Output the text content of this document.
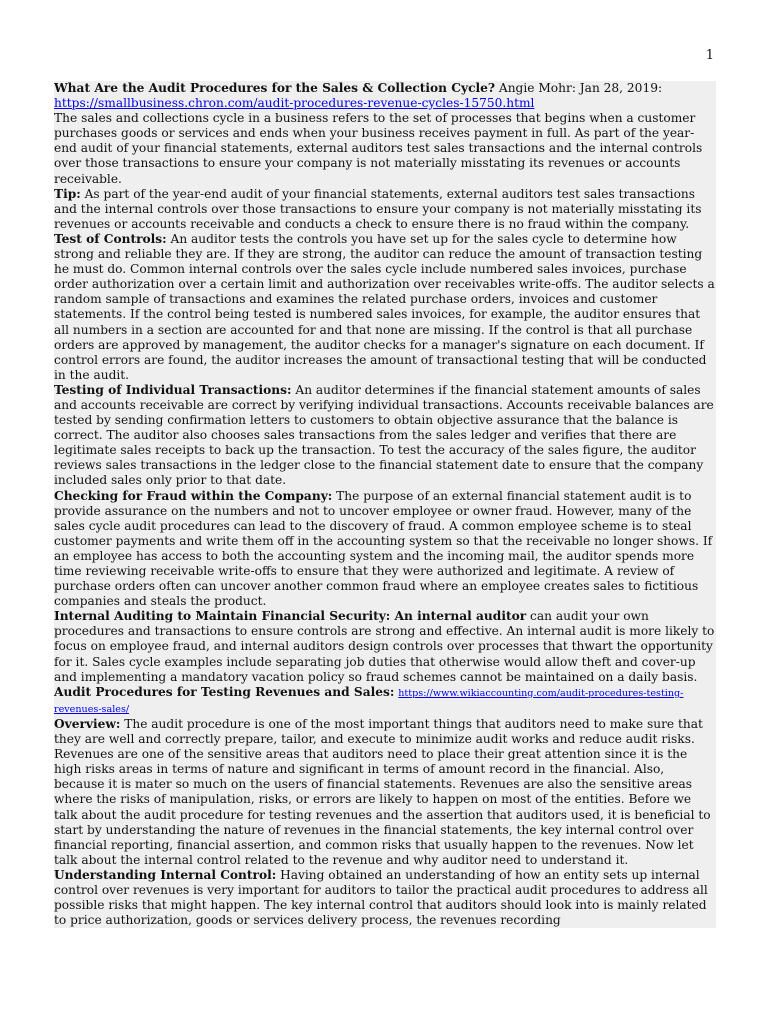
1

What Are the Audit Procedures for the Sales & Collection Cycle? Angie Mohr: Jan 28, 2019:
https://smallbusiness.chron.com/audit-procedures-revenue-cycles-15750.html

The sales and collections cycle in a business refers to the set of processes that begins when a customer purchases goods or services and ends when your business receives payment in full. As part of the year-end audit of your financial statements, external auditors test sales transactions and the internal controls over those transactions to ensure your company is not materially misstating its revenues or accounts receivable.

Tip: As part of the year-end audit of your financial statements, external auditors test sales transactions and the internal controls over those transactions to ensure your company is not materially misstating its revenues or accounts receivable and conducts a check to ensure there is no fraud within the company.

Test of Controls: An auditor tests the controls you have set up for the sales cycle to determine how strong and reliable they are. If they are strong, the auditor can reduce the amount of transaction testing he must do. Common internal controls over the sales cycle include numbered sales invoices, purchase order authorization over a certain limit and authorization over receivables write-offs. The auditor selects a random sample of transactions and examines the related purchase orders, invoices and customer statements. If the control being tested is numbered sales invoices, for example, the auditor ensures that all numbers in a section are accounted for and that none are missing. If the control is that all purchase orders are approved by management, the auditor checks for a manager's signature on each document. If control errors are found, the auditor increases the amount of transactional testing that will be conducted in the audit.

Testing of Individual Transactions: An auditor determines if the financial statement amounts of sales and accounts receivable are correct by verifying individual transactions. Accounts receivable balances are tested by sending confirmation letters to customers to obtain objective assurance that the balance is correct. The auditor also chooses sales transactions from the sales ledger and verifies that there are legitimate sales receipts to back up the transaction. To test the accuracy of the sales figure, the auditor reviews sales transactions in the ledger close to the financial statement date to ensure that the company included sales only prior to that date.

Checking for Fraud within the Company: The purpose of an external financial statement audit is to provide assurance on the numbers and not to uncover employee or owner fraud. However, many of the sales cycle audit procedures can lead to the discovery of fraud. A common employee scheme is to steal customer payments and write them off in the accounting system so that the receivable no longer shows. If an employee has access to both the accounting system and the incoming mail, the auditor spends more time reviewing receivable write-offs to ensure that they were authorized and legitimate. A review of purchase orders often can uncover another common fraud where an employee creates sales to fictitious companies and steals the product.

Internal Auditing to Maintain Financial Security: An internal auditor can audit your own procedures and transactions to ensure controls are strong and effective. An internal audit is more likely to focus on employee fraud, and internal auditors design controls over processes that thwart the opportunity for it. Sales cycle examples include separating job duties that otherwise would allow theft and cover-up and implementing a mandatory vacation policy so fraud schemes cannot be maintained on a daily basis.

Audit Procedures for Testing Revenues and Sales: https://www.wikiaccounting.com/audit-procedures-testing-revenues-sales/

Overview: The audit procedure is one of the most important things that auditors need to make sure that they are well and correctly prepare, tailor, and execute to minimize audit works and reduce audit risks. Revenues are one of the sensitive areas that auditors need to place their great attention since it is the high risks areas in terms of nature and significant in terms of amount record in the financial. Also, because it is mater so much on the users of financial statements. Revenues are also the sensitive areas where the risks of manipulation, risks, or errors are likely to happen on most of the entities. Before we talk about the audit procedure for testing revenues and the assertion that auditors used, it is beneficial to start by understanding the nature of revenues in the financial statements, the key internal control over financial reporting, financial assertion, and common risks that usually happen to the revenues. Now let talk about the internal control related to the revenue and why auditor need to understand it.

Understanding Internal Control: Having obtained an understanding of how an entity sets up internal control over revenues is very important for auditors to tailor the practical audit procedures to address all possible risks that might happen. The key internal control that auditors should look into is mainly related to price authorization, goods or services delivery process, the revenues recording
